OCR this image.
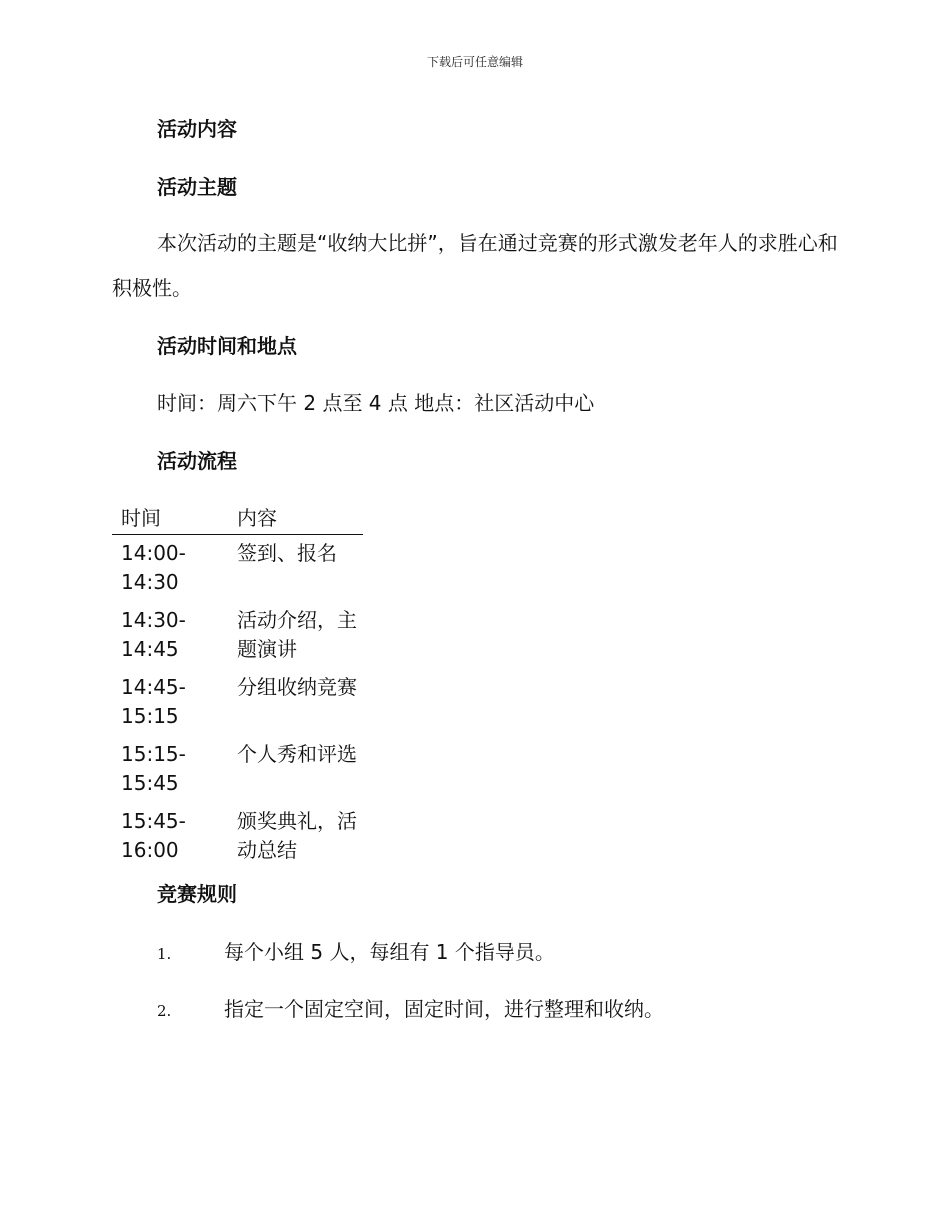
下载后可任意编辑
活动内容
活动主题
本次活动的主题是“收纳大比拼”，旨在通过竞赛的形式激发老年人的求胜心和积极性。
活动时间和地点
时间：周六下午 2 点至 4 点 地点：社区活动中心
活动流程
时间	内容
14:00-14:30	签到、报名
14:30-14:45	活动介绍，主题演讲
14:45-15:15	分组收纳竞赛
15:15-15:45	个人秀和评选
15:45-16:00	颁奖典礼，活动总结
竞赛规则
1.	每个小组 5 人，每组有 1 个指导员。
2.	指定一个固定空间，固定时间，进行整理和收纳。
